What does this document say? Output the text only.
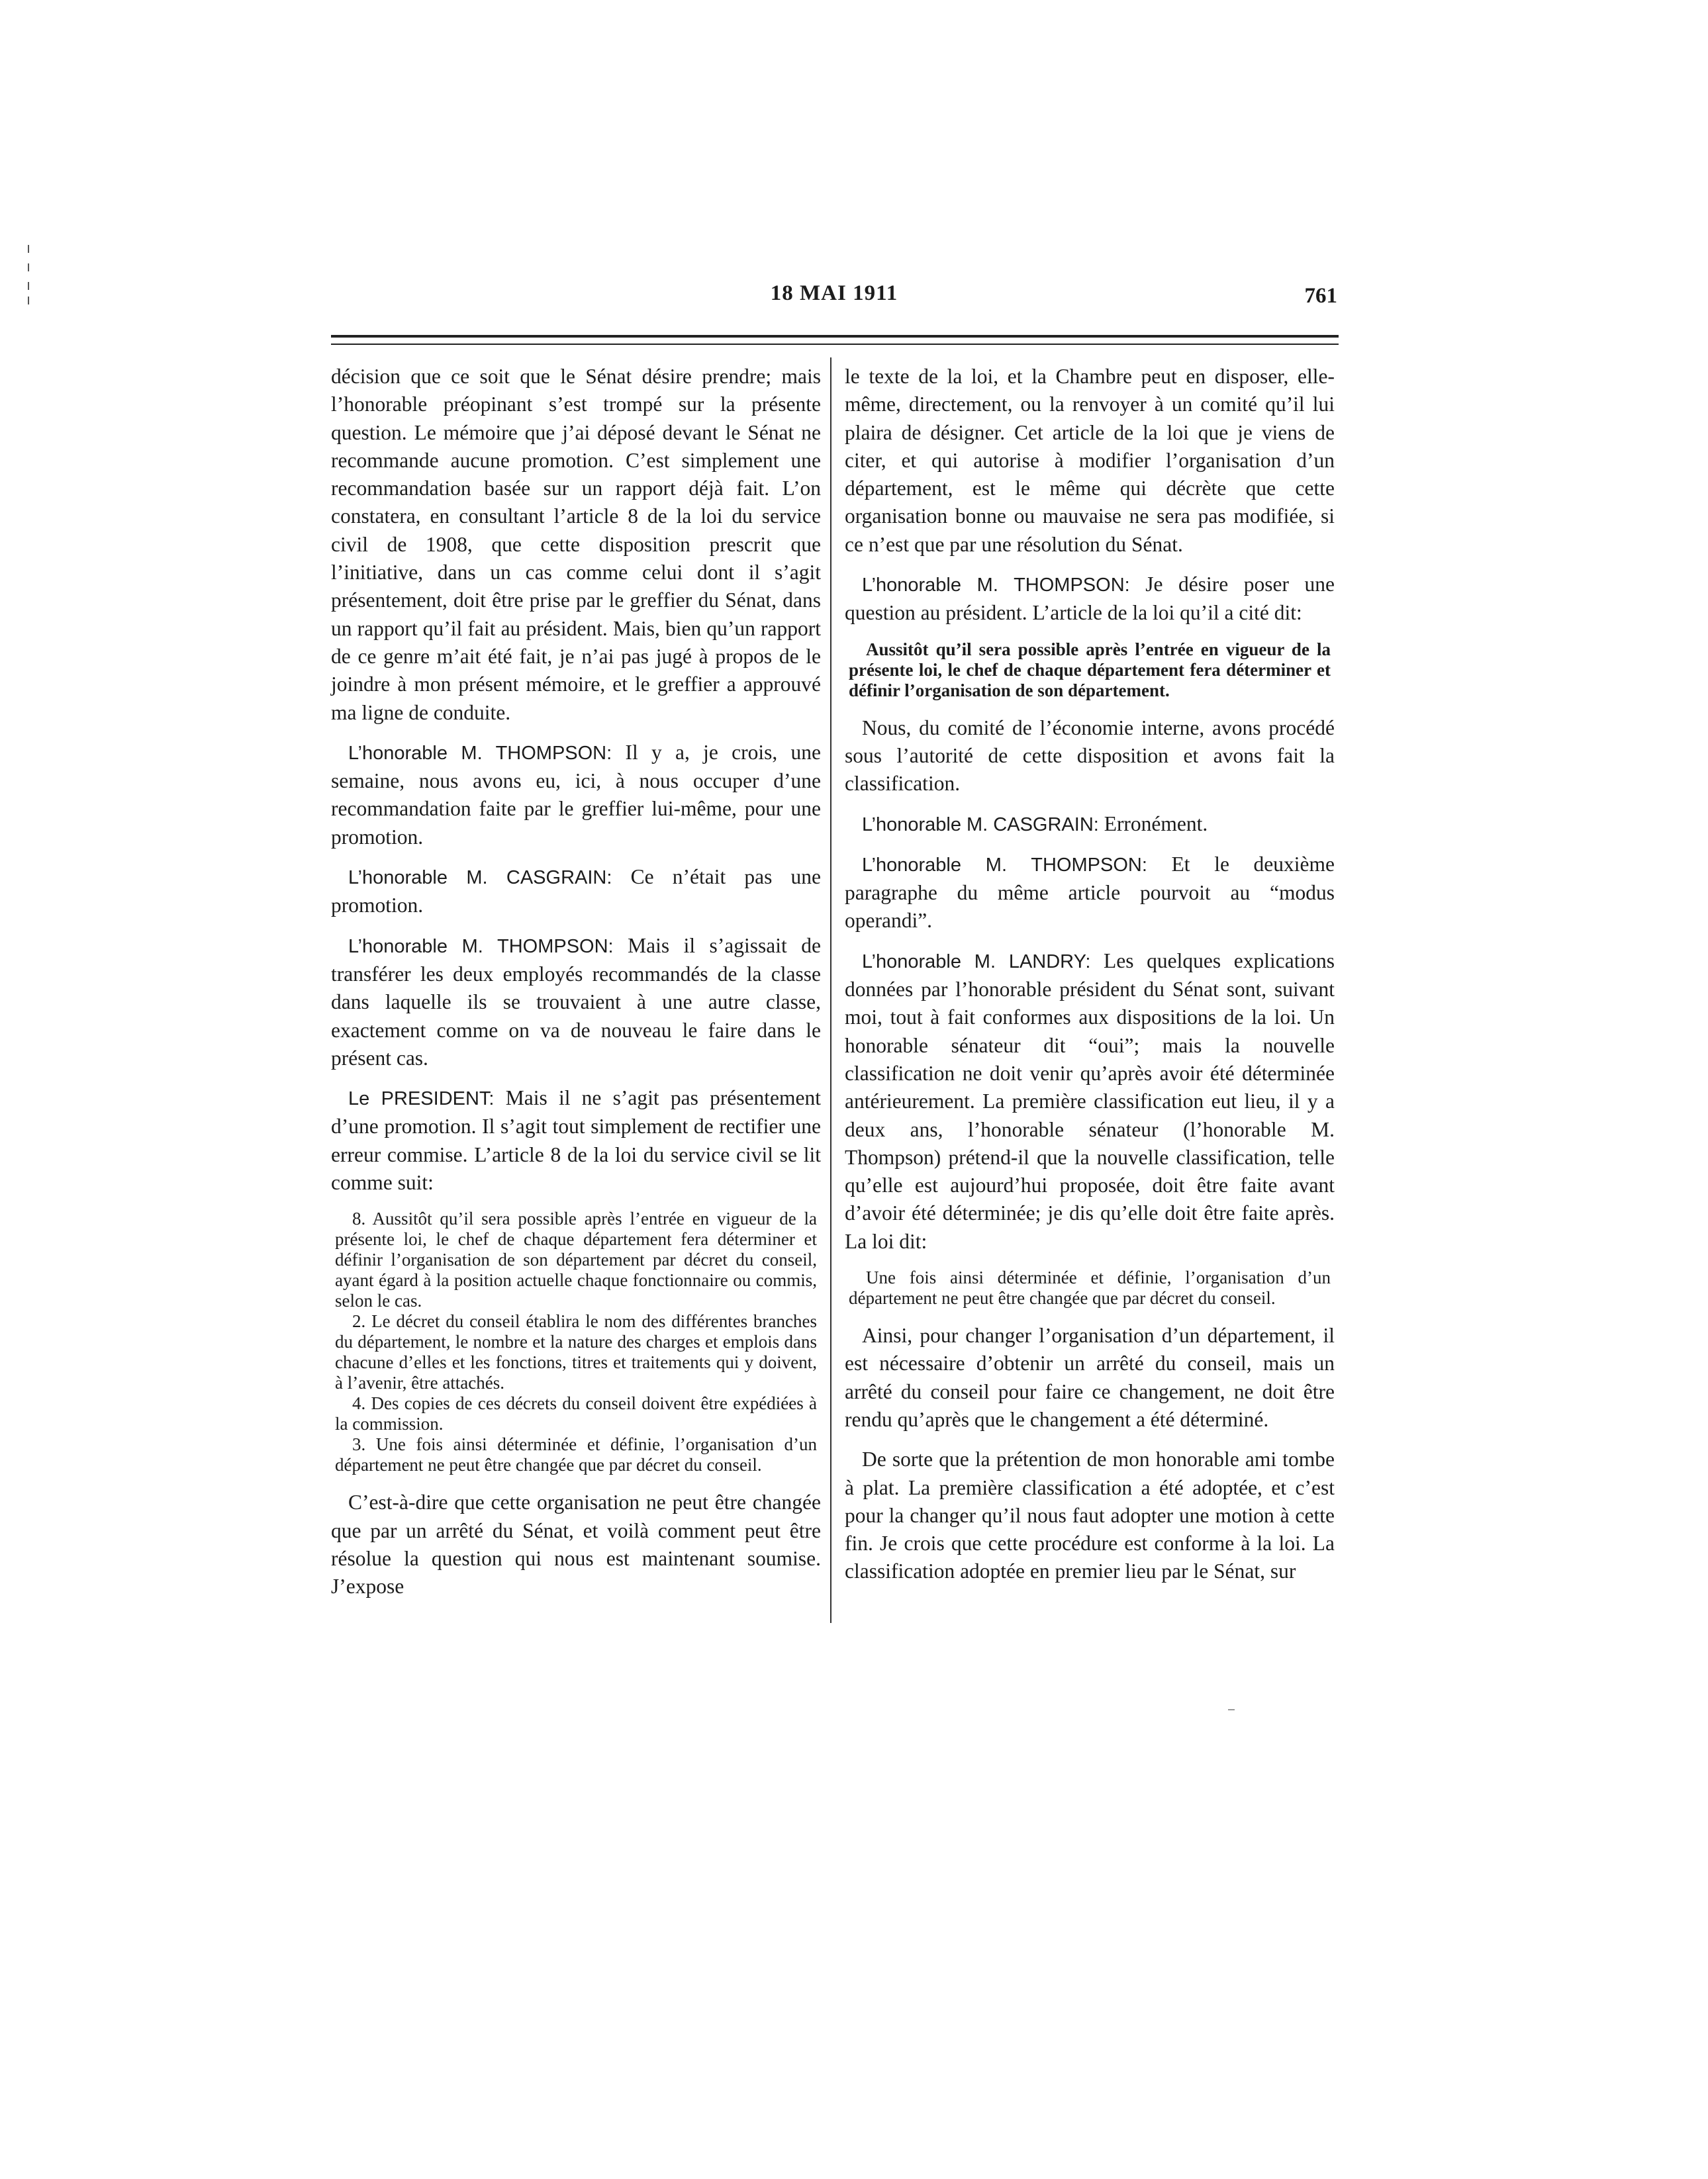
18 MAI 1911	761

décision que ce soit que le Sénat désire prendre; mais l’honorable préopinant s’est trompé sur la présente question. Le mémoire que j’ai déposé devant le Sénat ne recommande aucune promotion. C’est simplement une recommandation basée sur un rapport déjà fait. L’on constatera, en consultant l’article 8 de la loi du service civil de 1908, que cette disposition prescrit que l’initiative, dans un cas comme celui dont il s’agit présentement, doit être prise par le greffier du Sénat, dans un rapport qu’il fait au président. Mais, bien qu’un rapport de ce genre m’ait été fait, je n’ai pas jugé à propos de le joindre à mon présent mémoire, et le greffier a approuvé ma ligne de conduite.

L’honorable M. THOMPSON: Il y a, je crois, une semaine, nous avons eu, ici, à nous occuper d’une recommandation faite par le greffier lui-même, pour une promotion.

L’honorable M. CASGRAIN: Ce n’était pas une promotion.

L’honorable M. THOMPSON: Mais il s’agissait de transférer les deux employés recommandés de la classe dans laquelle ils se trouvaient à une autre classe, exactement comme on va de nouveau le faire dans le présent cas.

Le PRESIDENT: Mais il ne s’agit pas présentement d’une promotion. Il s’agit tout simplement de rectifier une erreur commise. L’article 8 de la loi du service civil se lit comme suit:

8. Aussitôt qu’il sera possible après l’entrée en vigueur de la présente loi, le chef de chaque département fera déterminer et définir l’organisation de son département par décret du conseil, ayant égard à la position actuelle chaque fonctionnaire ou commis, selon le cas.

2. Le décret du conseil établira le nom des différentes branches du département, le nombre et la nature des charges et emplois dans chacune d’elles et les fonctions, titres et traitements qui y doivent, à l’avenir, être attachés.

4. Des copies de ces décrets du conseil doivent être expédiées à la commission.

3. Une fois ainsi déterminée et définie, l’organisation d’un département ne peut être changée que par décret du conseil.

C’est-à-dire que cette organisation ne peut être changée que par un arrêté du Sénat, et voilà comment peut être résolue la question qui nous est maintenant soumise. J’expose

le texte de la loi, et la Chambre peut en disposer, elle-même, directement, ou la renvoyer à un comité qu’il lui plaira de désigner. Cet article de la loi que je viens de citer, et qui autorise à modifier l’organisation d’un département, est le même qui décrète que cette organisation bonne ou mauvaise ne sera pas modifiée, si ce n’est que par une résolution du Sénat.

L’honorable M. THOMPSON: Je désire poser une question au président. L’article de la loi qu’il a cité dit:

Aussitôt qu’il sera possible après l’entrée en vigueur de la présente loi, le chef de chaque département fera déterminer et définir l’organisation de son département.

Nous, du comité de l’économie interne, avons procédé sous l’autorité de cette disposition et avons fait la classification.

L’honorable M. CASGRAIN: Erronément.

L’honorable M. THOMPSON: Et le deuxième paragraphe du même article pourvoit au “modus operandi”.

L’honorable M. LANDRY: Les quelques explications données par l’honorable président du Sénat sont, suivant moi, tout à fait conformes aux dispositions de la loi. Un honorable sénateur dit “oui”; mais la nouvelle classification ne doit venir qu’après avoir été déterminée antérieurement. La première classification eut lieu, il y a deux ans, l’honorable sénateur (l’honorable M. Thompson) prétend-il que la nouvelle classification, telle qu’elle est aujourd’hui proposée, doit être faite avant d’avoir été déterminée; je dis qu’elle doit être faite après. La loi dit:

Une fois ainsi déterminée et définie, l’organisation d’un département ne peut être changée que par décret du conseil.

Ainsi, pour changer l’organisation d’un département, il est nécessaire d’obtenir un arrêté du conseil, mais un arrêté du conseil pour faire ce changement, ne doit être rendu qu’après que le changement a été déterminé.

De sorte que la prétention de mon honorable ami tombe à plat. La première classification a été adoptée, et c’est pour la changer qu’il nous faut adopter une motion à cette fin. Je crois que cette procédure est conforme à la loi. La classification adoptée en premier lieu par le Sénat, sur
